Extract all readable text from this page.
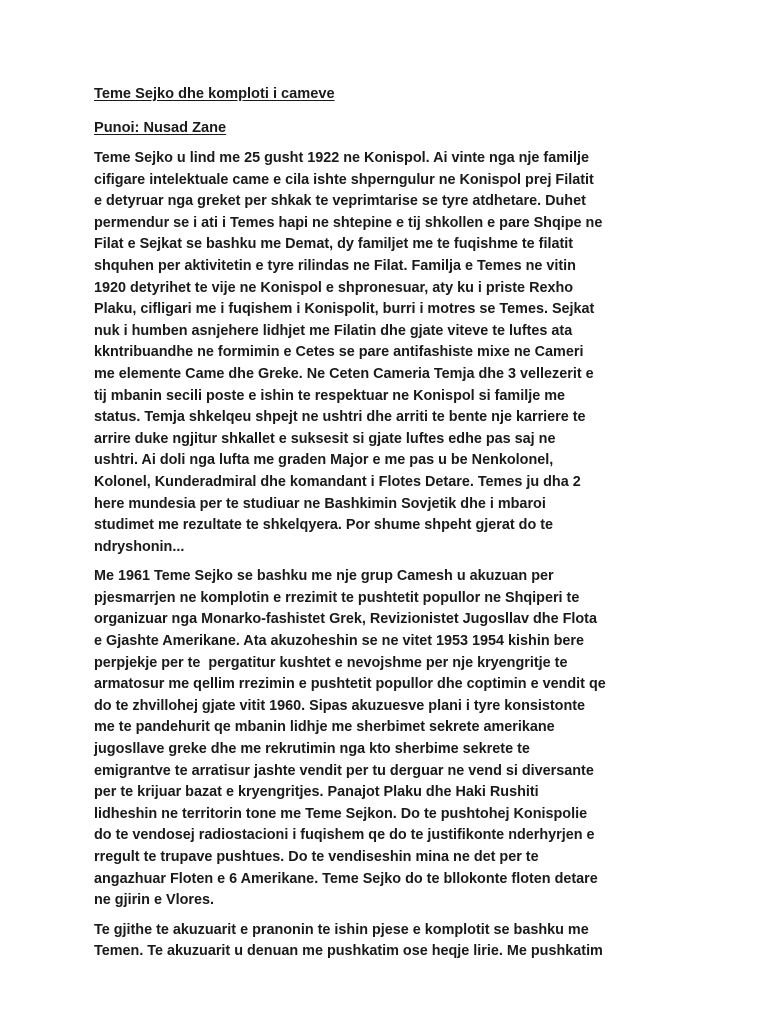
Teme Sejko dhe komploti i cameve
Punoi: Nusad Zane
Teme Sejko u lind me 25 gusht 1922 ne Konispol. Ai vinte nga nje familje
cifigare intelektuale came e cila ishte shperngulur ne Konispol prej Filatit
e detyruar nga greket per shkak te veprimtarise se tyre atdhetare. Duhet
permendur se i ati i Temes hapi ne shtepine e tij shkollen e pare Shqipe ne
Filat e Sejkat se bashku me Demat, dy familjet me te fuqishme te filatit
shquhen per aktivitetin e tyre rilindas ne Filat. Familja e Temes ne vitin
1920 detyrihet te vije ne Konispol e shpronesuar, aty ku i priste Rexho
Plaku, cifligari me i fuqishem i Konispolit, burri i motres se Temes. Sejkat
nuk i humben asnjehere lidhjet me Filatin dhe gjate viteve te luftes ata
kkntribuandhe ne formimin e Cetes se pare antifashiste mixe ne Cameri
me elemente Came dhe Greke. Ne Ceten Cameria Temja dhe 3 vellezerit e
tij mbanin secili poste e ishin te respektuar ne Konispol si familje me
status. Temja shkelqeu shpejt ne ushtri dhe arriti te bente nje karriere te
arrire duke ngjitur shkallet e suksesit si gjate luftes edhe pas saj ne
ushtri. Ai doli nga lufta me graden Major e me pas u be Nenkolonel,
Kolonel, Kunderadmiral dhe komandant i Flotes Detare. Temes ju dha 2
here mundesia per te studiuar ne Bashkimin Sovjetik dhe i mbaroi
studimet me rezultate te shkelqyera. Por shume shpeht gjerat do te
ndryshonin...
Me 1961 Teme Sejko se bashku me nje grup Camesh u akuzuan per
pjesmarrjen ne komplotin e rrezimit te pushtetit popullor ne Shqiperi te
organizuar nga Monarko-fashistet Grek, Revizionistet Jugosllav dhe Flota
e Gjashte Amerikane. Ata akuzoheshin se ne vitet 1953 1954 kishin bere
perpjekje per te  pergatitur kushtet e nevojshme per nje kryengritje te
armatosur me qellim rrezimin e pushtetit popullor dhe coptimin e vendit qe
do te zhvillohej gjate vitit 1960. Sipas akuzuesve plani i tyre konsistonte
me te pandehurit qe mbanin lidhje me sherbimet sekrete amerikane
jugosllave greke dhe me rekrutimin nga kto sherbime sekrete te
emigrantve te arratisur jashte vendit per tu derguar ne vend si diversante
per te krijuar bazat e kryengritjes. Panajot Plaku dhe Haki Rushiti
lidheshin ne territorin tone me Teme Sejkon. Do te pushtohej Konispolie
do te vendosej radiostacioni i fuqishem qe do te justifikonte nderhyrjen e
rregult te trupave pushtues. Do te vendiseshin mina ne det per te
angazhuar Floten e 6 Amerikane. Teme Sejko do te bllokonte floten detare
ne gjirin e Vlores.
Te gjithe te akuzuarit e pranonin te ishin pjese e komplotit se bashku me
Temen. Te akuzuarit u denuan me pushkatim ose heqje lirie. Me pushkatim
